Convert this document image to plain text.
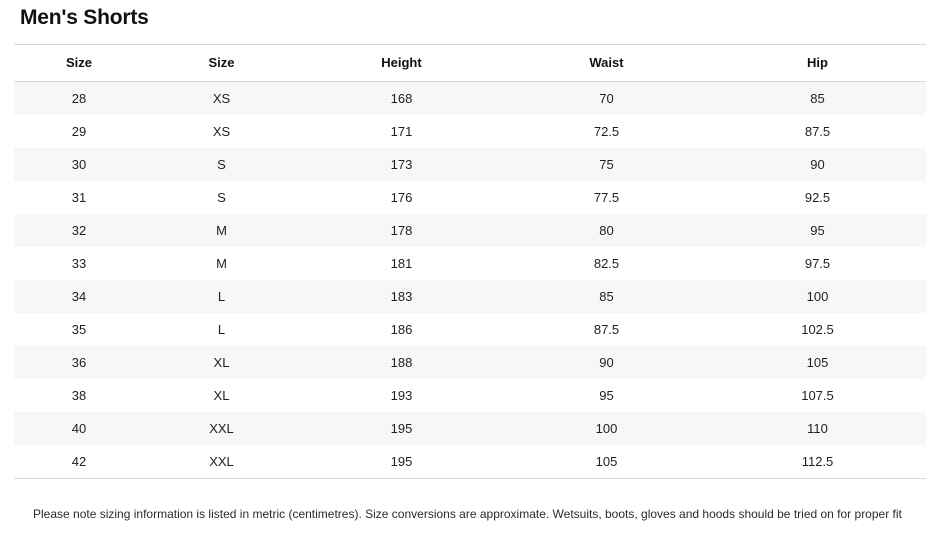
Men's Shorts
Size	Size	Height	Waist	Hip
28	XS	168	70	85
29	XS	171	72.5	87.5
30	S	173	75	90
31	S	176	77.5	92.5
32	M	178	80	95
33	M	181	82.5	97.5
34	L	183	85	100
35	L	186	87.5	102.5
36	XL	188	90	105
38	XL	193	95	107.5
40	XXL	195	100	110
42	XXL	195	105	112.5

Please note sizing information is listed in metric (centimetres). Size conversions are approximate. Wetsuits, boots, gloves and hoods should be tried on for proper fit
